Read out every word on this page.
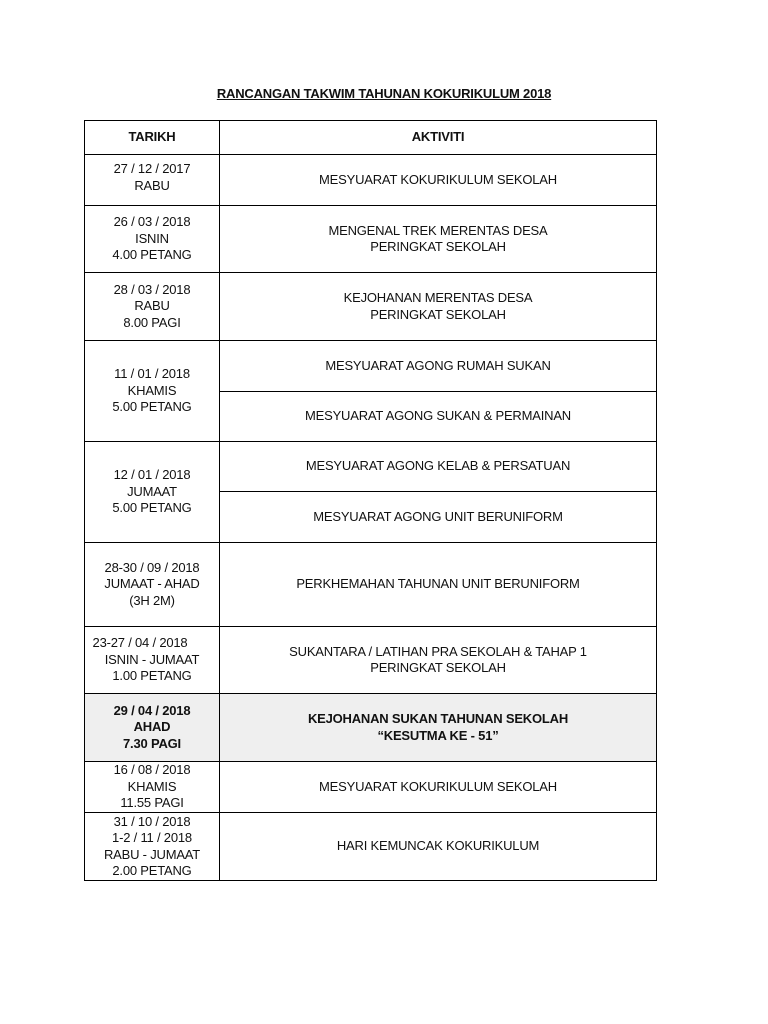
RANCANGAN TAKWIM TAHUNAN KOKURIKULUM 2018
TARIKH	AKTIVITI

27 / 12 / 2017
RABU	MESYUARAT KOKURIKULUM SEKOLAH

26 / 03 / 2018
ISNIN
4.00 PETANG	MENGENAL TREK MERENTAS DESA
PERINGKAT SEKOLAH

28 / 03 / 2018
RABU
8.00 PAGI	KEJOHANAN MERENTAS DESA
PERINGKAT SEKOLAH

11 / 01 / 2018
KHAMIS
5.00 PETANG	MESYUARAT AGONG RUMAH SUKAN

	MESYUARAT AGONG SUKAN & PERMAINAN

12 / 01 / 2018
JUMAAT
5.00 PETANG	MESYUARAT AGONG KELAB & PERSATUAN

	MESYUARAT AGONG UNIT BERUNIFORM

28-30 / 09 / 2018
JUMAAT - AHAD
(3H 2M)	PERKHEMAHAN TAHUNAN UNIT BERUNIFORM

23-27 / 04 / 2018
ISNIN - JUMAAT
1.00 PETANG	SUKANTARA / LATIHAN PRA SEKOLAH & TAHAP 1
PERINGKAT SEKOLAH

29 / 04 / 2018
AHAD
7.30 PAGI	KEJOHANAN SUKAN TAHUNAN SEKOLAH
“KESUTMA KE - 51”

16 / 08 / 2018
KHAMIS
11.55 PAGI	MESYUARAT KOKURIKULUM SEKOLAH

31 / 10 / 2018
1-2 / 11 / 2018
RABU - JUMAAT
2.00 PETANG	HARI KEMUNCAK KOKURIKULUM
